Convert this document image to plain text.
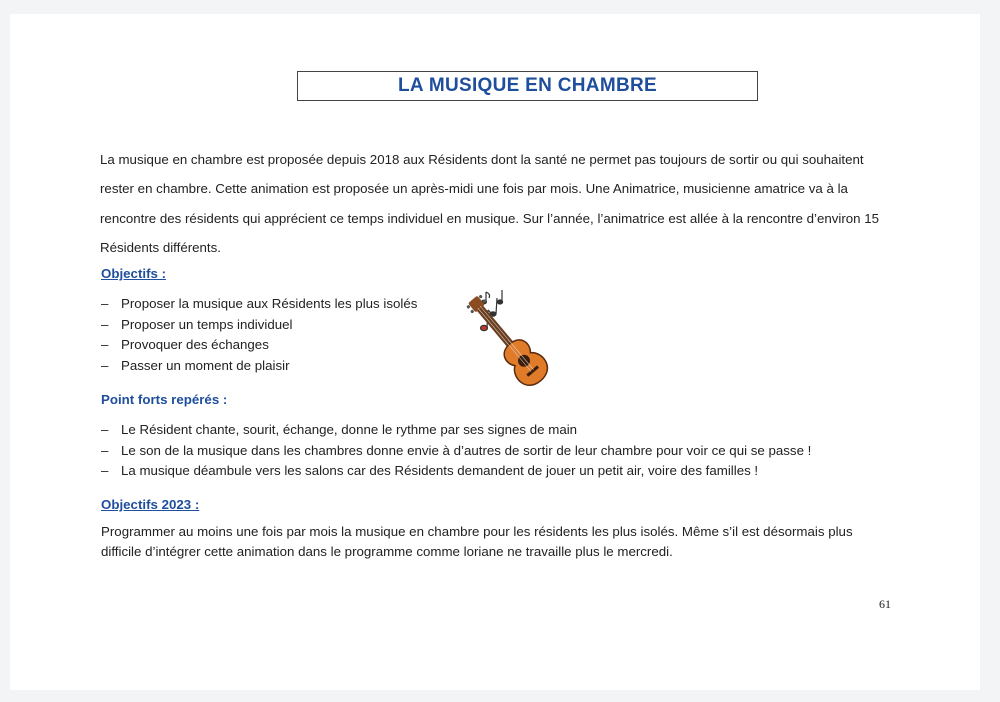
LA MUSIQUE EN CHAMBRE

La musique en chambre est proposée depuis 2018 aux Résidents dont la santé ne permet pas toujours de sortir ou qui souhaitent rester en chambre. Cette animation est proposée un après-midi une fois par mois. Une Animatrice, musicienne amatrice va à la rencontre des résidents qui apprécient ce temps individuel en musique. Sur l’année, l’animatrice est allée à la rencontre d’environ 15 Résidents différents.

Objectifs :

– Proposer la musique aux Résidents les plus isolés
– Proposer un temps individuel
– Provoquer des échanges
– Passer un moment de plaisir

Point forts repérés :

– Le Résident chante, sourit, échange, donne le rythme par ses signes de main
– Le son de la musique dans les chambres donne envie à d’autres de sortir de leur chambre pour voir ce qui se passe !
– La musique déambule vers les salons car des Résidents demandent de jouer un petit air, voire des familles !

Objectifs 2023 :

Programmer au moins une fois par mois la musique en chambre pour les résidents les plus isolés. Même s’il est désormais plus difficile d’intégrer cette animation dans le programme comme loriane ne travaille plus le mercredi.

61
